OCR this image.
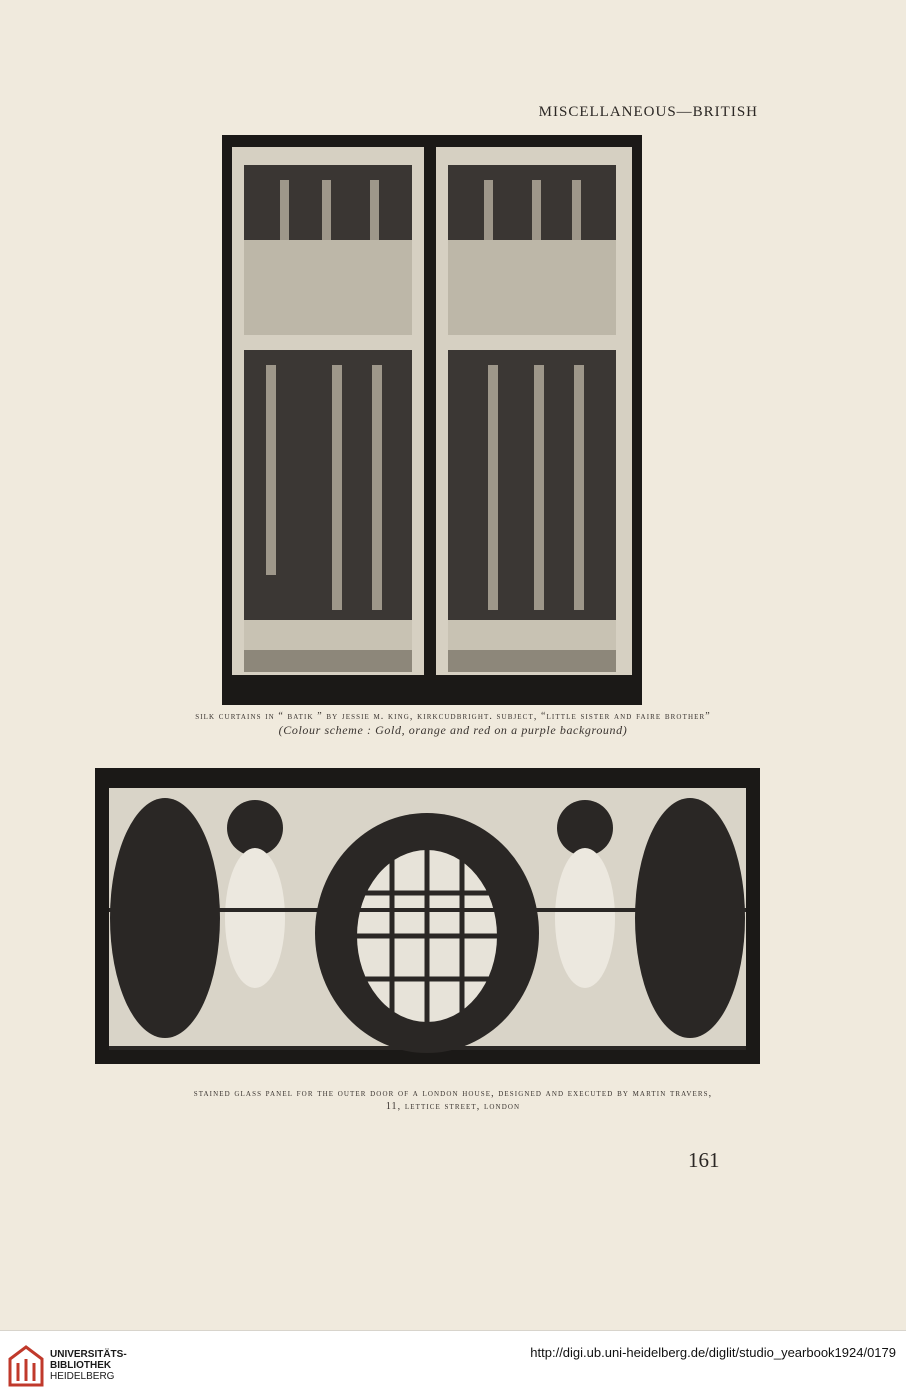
MISCELLANEOUS—BRITISH
silk curtains in “ batik ” by jessie m. king, kirkcudbright. subject, “little sister and faire brother”
(Colour scheme : Gold, orange and red on a purple background)
stained glass panel for the outer door of a london house, designed and executed by martin travers,
11, lettice street, london
161
UNIVERSITÄTS-
BIBLIOTHEK
HEIDELBERG
http://digi.ub.uni-heidelberg.de/diglit/studio_yearbook1924/0179
